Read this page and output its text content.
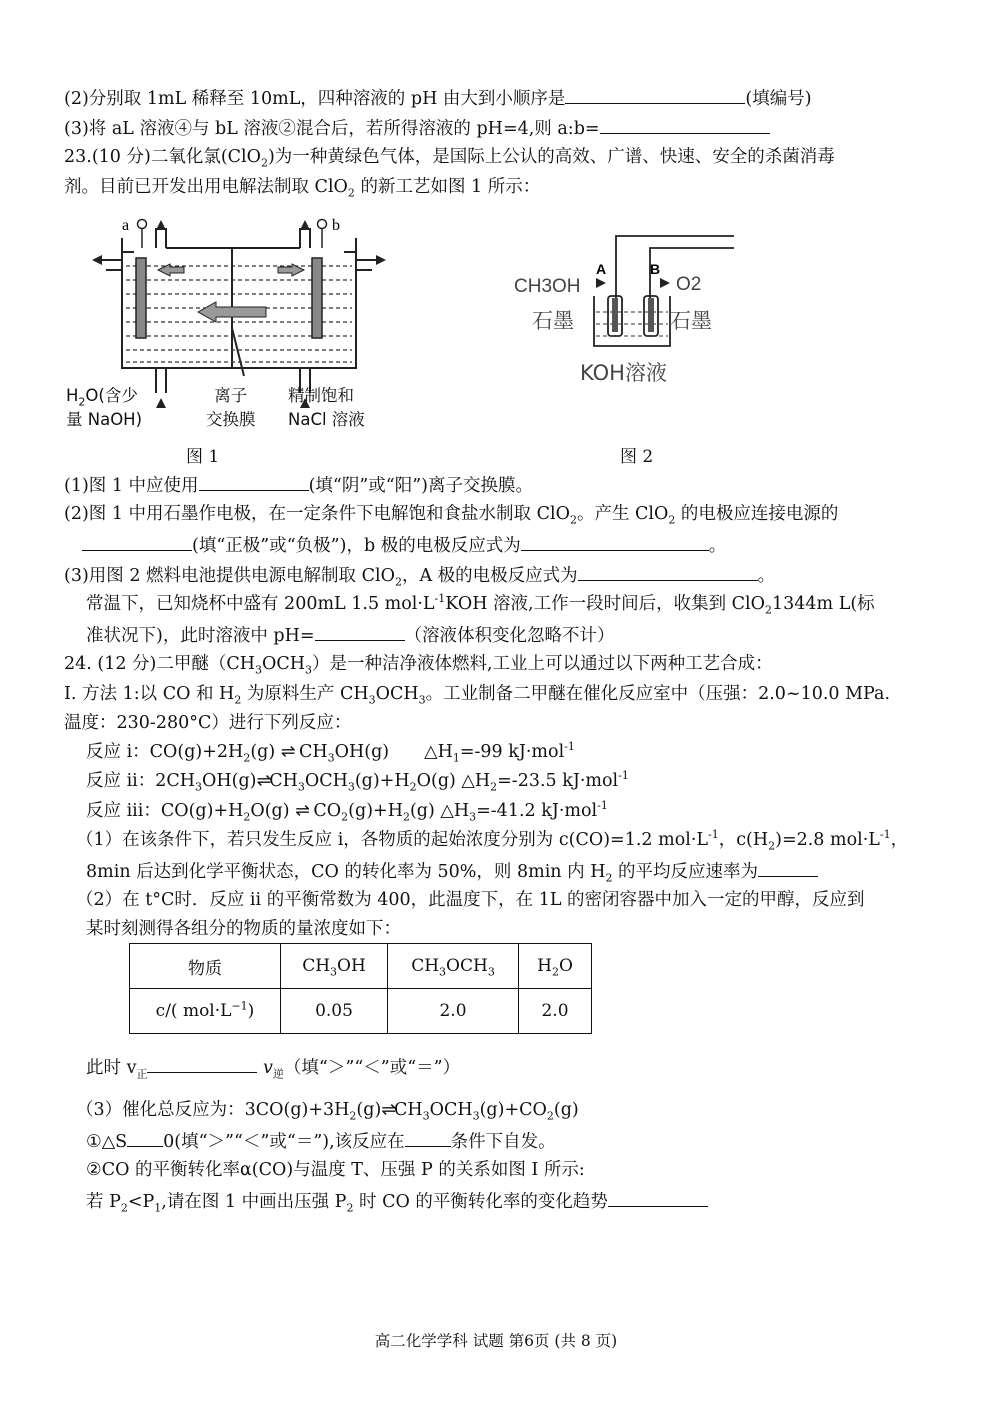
(2)分别取 1mL 稀释至 10mL，四种溶液的 pH 由大到小顺序是	(填编号)
(3)将 aL 溶液④与 bL 溶液②混合后，若所得溶液的 pH=4,则 a:b=
23.(10 分)二氧化氯(ClO$_2$)为一种黄绿色气体，是国际上公认的高效、广谱、快速、安全的杀菌消毒
剂。目前已开发出用电解法制取 ClO$_2$ 的新工艺如图 1 所示：
a	b
$H_2O$(含少
量 NaOH)
离子
交换膜
精制饱和
NaCl 溶液
图 1
CH3OH
A	B
O2
石墨	石墨
KOH溶液
图 2
(1)图 1 中应使用	(填“阴”或“阳”)离子交换膜。
(2)图 1 中用石墨作电极，在一定条件下电解饱和食盐水制取 ClO$_2$。产生 ClO$_2$ 的电极应连接电源的
(填“正极”或“负极”)，b 极的电极反应式为	。
(3)用图 2 燃料电池提供电源电解制取 ClO$_2$，A 极的电极反应式为	。
常温下，已知烧杯中盛有 200mL 1.5 $mol\cdot L^{-1}KOH$ 溶液,工作一段时间后，收集到 ClO$_2$1344m L(标
准状况下)，此时溶液中 pH=	（溶液体积变化忽略不计）
24. (12 分)二甲醚$(CH_3OCH_3)$是一种洁净液体燃料,工业上可以通过以下两种工艺合成：
I. 方法 1:以 CO 和 $H_2$ 为原料生产 $CH_3OCH_3$。工业制备二甲醚在催化反应室中（压强：2.0~10.0 MPa.
温度：230-280°C）进行下列反应：
反应 i：$CO(g)+2H_2(g)$ ⇌ $CH_3OH(g)$　　$\triangle H_1=-99$ kJ·mol$^{-1}$
反应 ii：$2CH_3OH(g)\rightleftharpoons CH_3OCH_3(g)+H_2O(g)$ $\triangle H_2=-23.5$ kJ·mol$^{-1}$
反应 iii：$CO(g)+H_2O(g)$ ⇌ $CO_2(g)+H_2(g)$ $\triangle H_3=-41.2$ kJ·mol$^{-1}$
（1）在该条件下，若只发生反应 i，各物质的起始浓度分别为 c(CO)=1.2 $mol\cdot L^{-1}$，$c(H_2)=2.8$ $mol\cdot L^{-1}$，
8min 后达到化学平衡状态，CO 的转化率为 50%，则 8min 内 $H_2$ 的平均反应速率为
（2）在 t°C时．反应 ii 的平衡常数为 400，此温度下，在 1L 的密闭容器中加入一定的甲醇，反应到
某时刻测得各组分的物质的量浓度如下：
物质	$CH_3OH$	$CH_3OCH_3$	$H_2O$
c/( $mol\cdot L^{-1}$)	0.05	2.0	2.0
此时 $v_正$	$v_逆$（填“＞”“＜”或“＝”）
（3）催化总反应为：$3CO(g)+3H_2(g)\rightleftharpoons CH_3OCH_3(g)+CO_2(g)$
①△S 0(填“＞”“＜”或“＝”),该反应在	条件下自发。
②CO 的平衡转化率α(CO)与温度 T、压强 P 的关系如图 I 所示:
若 $P_2<P_1$,请在图 1 中画出压强 $P_2$ 时 CO 的平衡转化率的变化趋势
高二化学学科 试题 第6页 (共 8 页)
